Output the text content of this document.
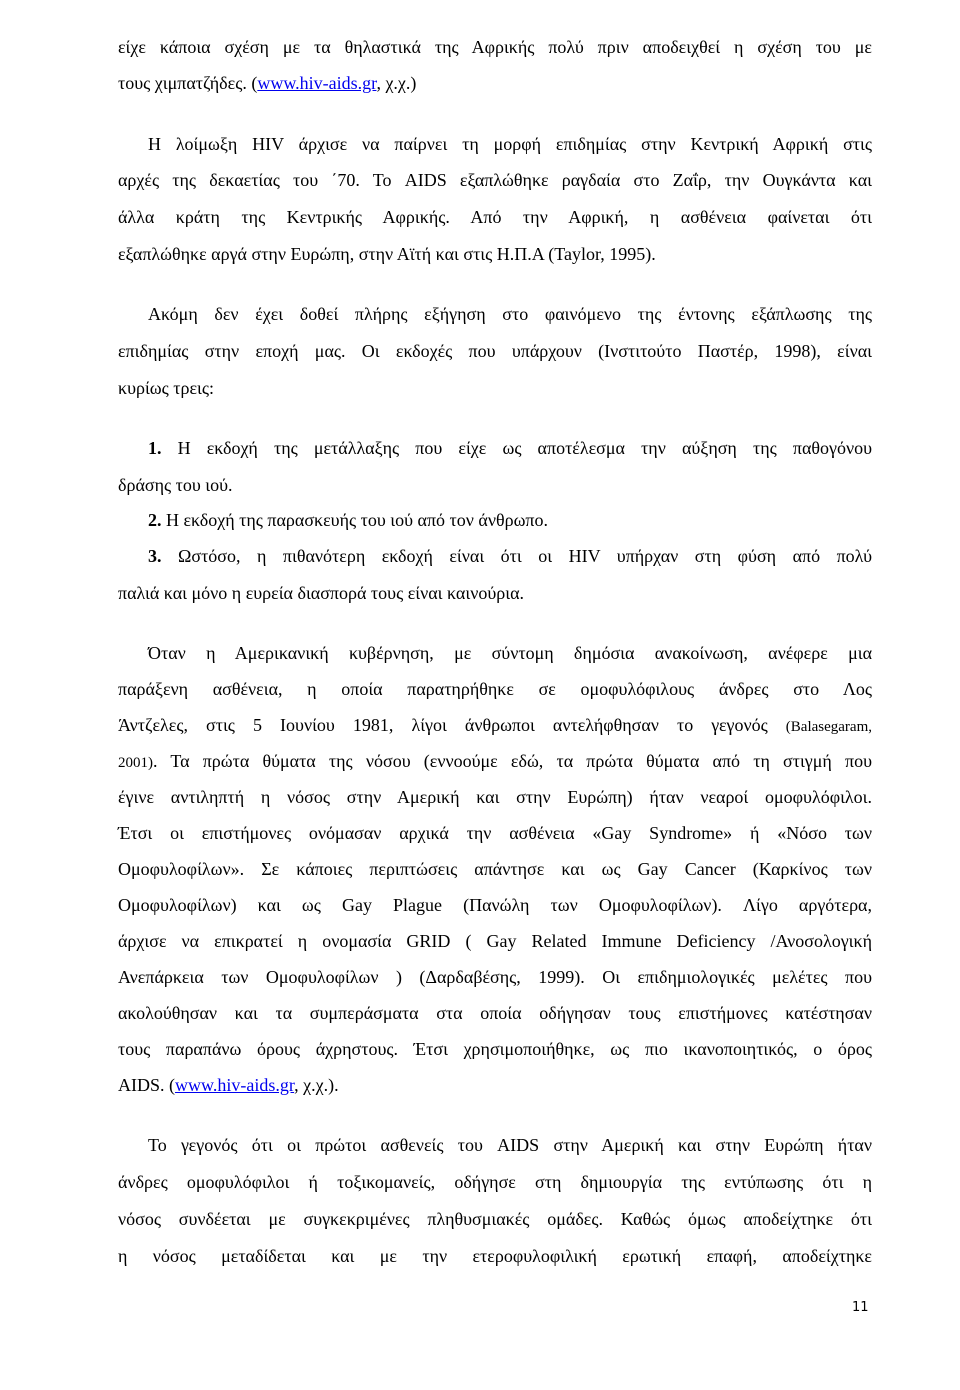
είχε κάποια σχέση με τα θηλαστικά της Αφρικής πολύ πριν αποδειχθεί η σχέση του με
τους χιμπατζήδες. (www.hiv-aids.gr, χ.χ.)
Η λοίμωξη HIV άρχισε να παίρνει τη μορφή επιδημίας στην Κεντρική Αφρική στις
αρχές της δεκαετίας του ΄70. Το AIDS εξαπλώθηκε ραγδαία στο Ζαΐρ, την Ουγκάντα και
άλλα κράτη της Κεντρικής Αφρικής. Από την Αφρική, η ασθένεια φαίνεται ότι
εξαπλώθηκε αργά στην Ευρώπη, στην Αϊτή και στις Η.Π.Α (Taylor, 1995).
Ακόμη δεν έχει δοθεί πλήρης εξήγηση στο φαινόμενο της έντονης εξάπλωσης της
επιδημίας στην εποχή μας. Οι εκδοχές που υπάρχουν (Ινστιτούτο Παστέρ, 1998), είναι
κυρίως τρεις:
1. Η εκδοχή της μετάλλαξης που είχε ως αποτέλεσμα την αύξηση της παθογόνου
δράσης του ιού.
2. Η εκδοχή της παρασκευής του ιού από τον άνθρωπο.
3. Ωστόσο, η πιθανότερη εκδοχή είναι ότι οι HIV υπήρχαν στη φύση από πολύ
παλιά και μόνο η ευρεία διασπορά τους είναι καινούρια.
Όταν η Αμερικανική κυβέρνηση, με σύντομη δημόσια ανακοίνωση, ανέφερε μια
παράξενη ασθένεια, η οποία παρατηρήθηκε σε ομοφυλόφιλους άνδρες στο Λος
Άντζελες, στις 5 Ιουνίου 1981, λίγοι άνθρωποι αντελήφθησαν το γεγονός (Balasegaram,
2001). Τα πρώτα θύματα της νόσου (εννοούμε εδώ, τα πρώτα θύματα από τη στιγμή που
έγινε αντιληπτή η νόσος στην Αμερική και στην Ευρώπη) ήταν νεαροί ομοφυλόφιλοι.
Έτσι οι επιστήμονες ονόμασαν αρχικά την ασθένεια «Gay Syndrome» ή «Νόσο των
Ομοφυλοφίλων». Σε κάποιες περιπτώσεις απάντησε και ως Gay Cancer (Καρκίνος των
Ομοφυλοφίλων) και ως Gay Plague (Πανώλη των Ομοφυλοφίλων). Λίγο αργότερα,
άρχισε να επικρατεί η ονομασία GRID ( Gay Related Immune Deficiency /Ανοσολογική
Ανεπάρκεια των Ομοφυλοφίλων ) (Δαρδαβέσης, 1999). Οι επιδημιολογικές μελέτες που
ακολούθησαν και τα συμπεράσματα στα οποία οδήγησαν τους επιστήμονες κατέστησαν
τους παραπάνω όρους άχρηστους. Έτσι χρησιμοποιήθηκε, ως πιο ικανοποιητικός, ο όρος
AIDS. (www.hiv-aids.gr, χ.χ.).
Το γεγονός ότι οι πρώτοι ασθενείς του AIDS στην Αμερική και στην Ευρώπη ήταν
άνδρες ομοφυλόφιλοι ή τοξικομανείς, οδήγησε στη δημιουργία της εντύπωσης ότι η
νόσος συνδέεται με συγκεκριμένες πληθυσμιακές ομάδες. Καθώς όμως αποδείχτηκε ότι
η νόσος μεταδίδεται και με την ετεροφυλοφιλική ερωτική επαφή, αποδείχτηκε
11
